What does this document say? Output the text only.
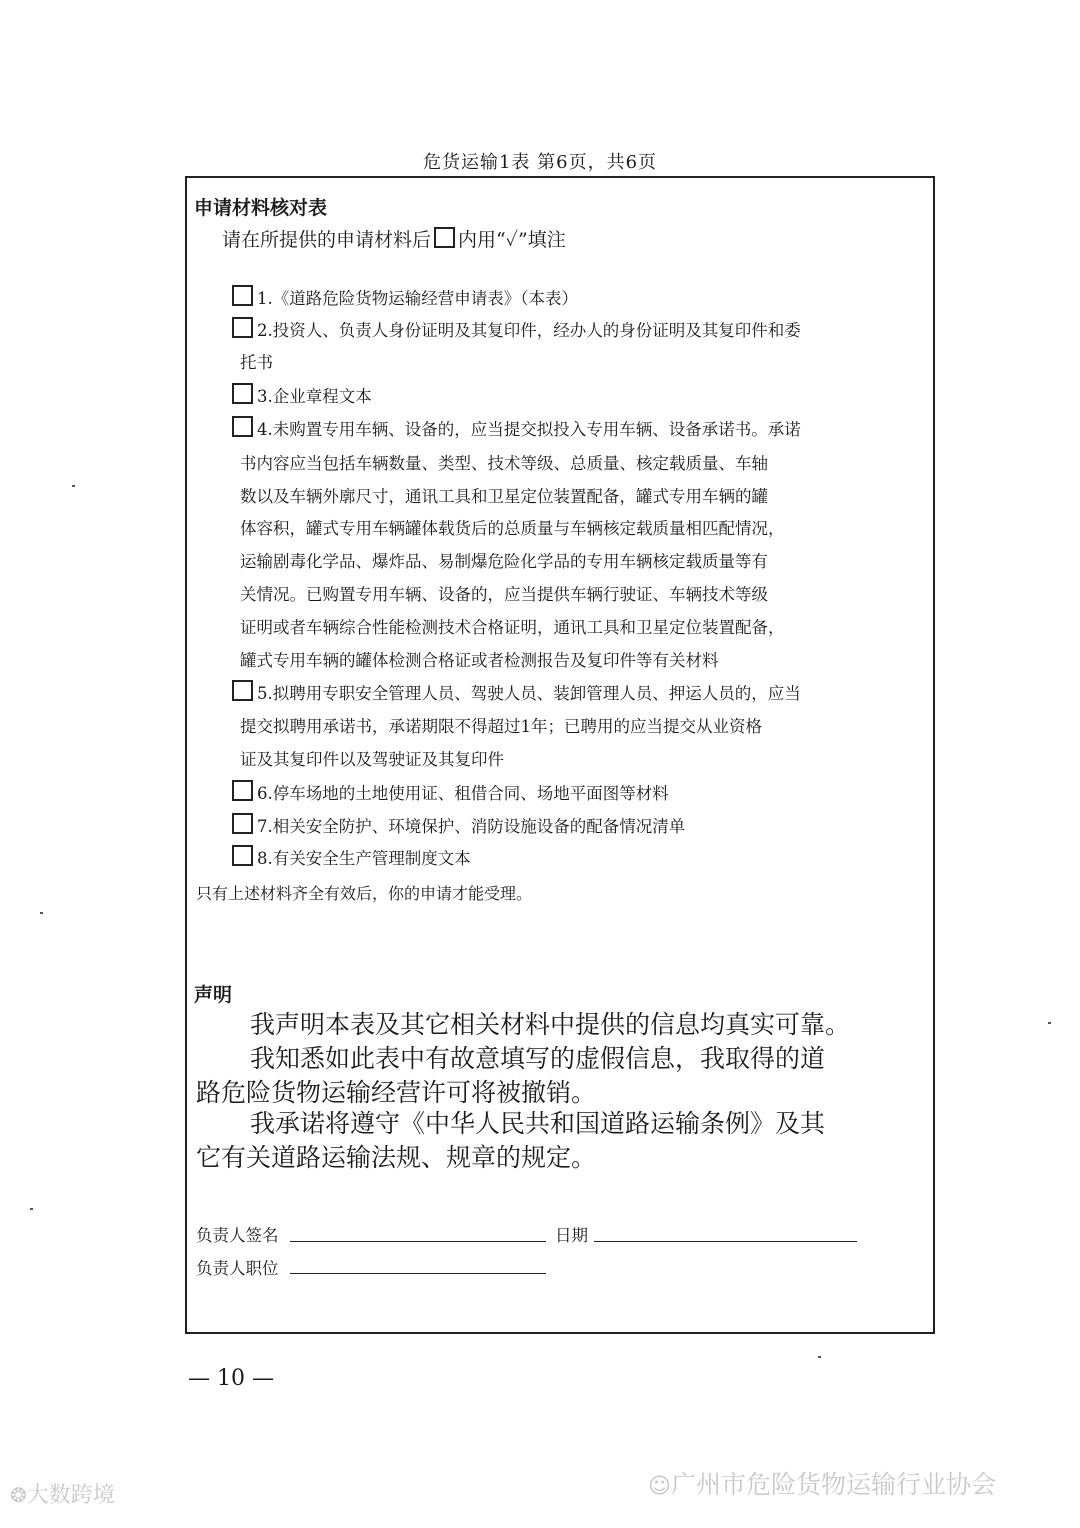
危货运输1表 第6页，共6页
申请材料核对表
请在所提供的申请材料后 内用“✓”填注
1.《道路危险货物运输经营申请表》（本表）
2.投资人、负责人身份证明及其复印件，经办人的身份证明及其复印件和委
托书
3.企业章程文本
4.未购置专用车辆、设备的，应当提交拟投入专用车辆、设备承诺书。承诺
书内容应当包括车辆数量、类型、技术等级、总质量、核定载质量、车轴
数以及车辆外廓尺寸，通讯工具和卫星定位装置配备，罐式专用车辆的罐
体容积，罐式专用车辆罐体载货后的总质量与车辆核定载质量相匹配情况，
运输剧毒化学品、爆炸品、易制爆危险化学品的专用车辆核定载质量等有
关情况。已购置专用车辆、设备的，应当提供车辆行驶证、车辆技术等级
证明或者车辆综合性能检测技术合格证明，通讯工具和卫星定位装置配备，
罐式专用车辆的罐体检测合格证或者检测报告及复印件等有关材料
5.拟聘用专职安全管理人员、驾驶人员、装卸管理人员、押运人员的，应当
提交拟聘用承诺书，承诺期限不得超过1年；已聘用的应当提交从业资格
证及其复印件以及驾驶证及其复印件
6.停车场地的土地使用证、租借合同、场地平面图等材料
7.相关安全防护、环境保护、消防设施设备的配备情况清单
8.有关安全生产管理制度文本
只有上述材料齐全有效后，你的申请才能受理。
声明
我声明本表及其它相关材料中提供的信息均真实可靠。
我知悉如此表中有故意填写的虚假信息，我取得的道
路危险货物运输经营许可将被撤销。
我承诺将遵守《中华人民共和国道路运输条例》及其
它有关道路运输法规、规章的规定。
负责人签名	日期
负责人职位
— 10 —
❂大数跨境	☺广州市危险货物运输行业协会
